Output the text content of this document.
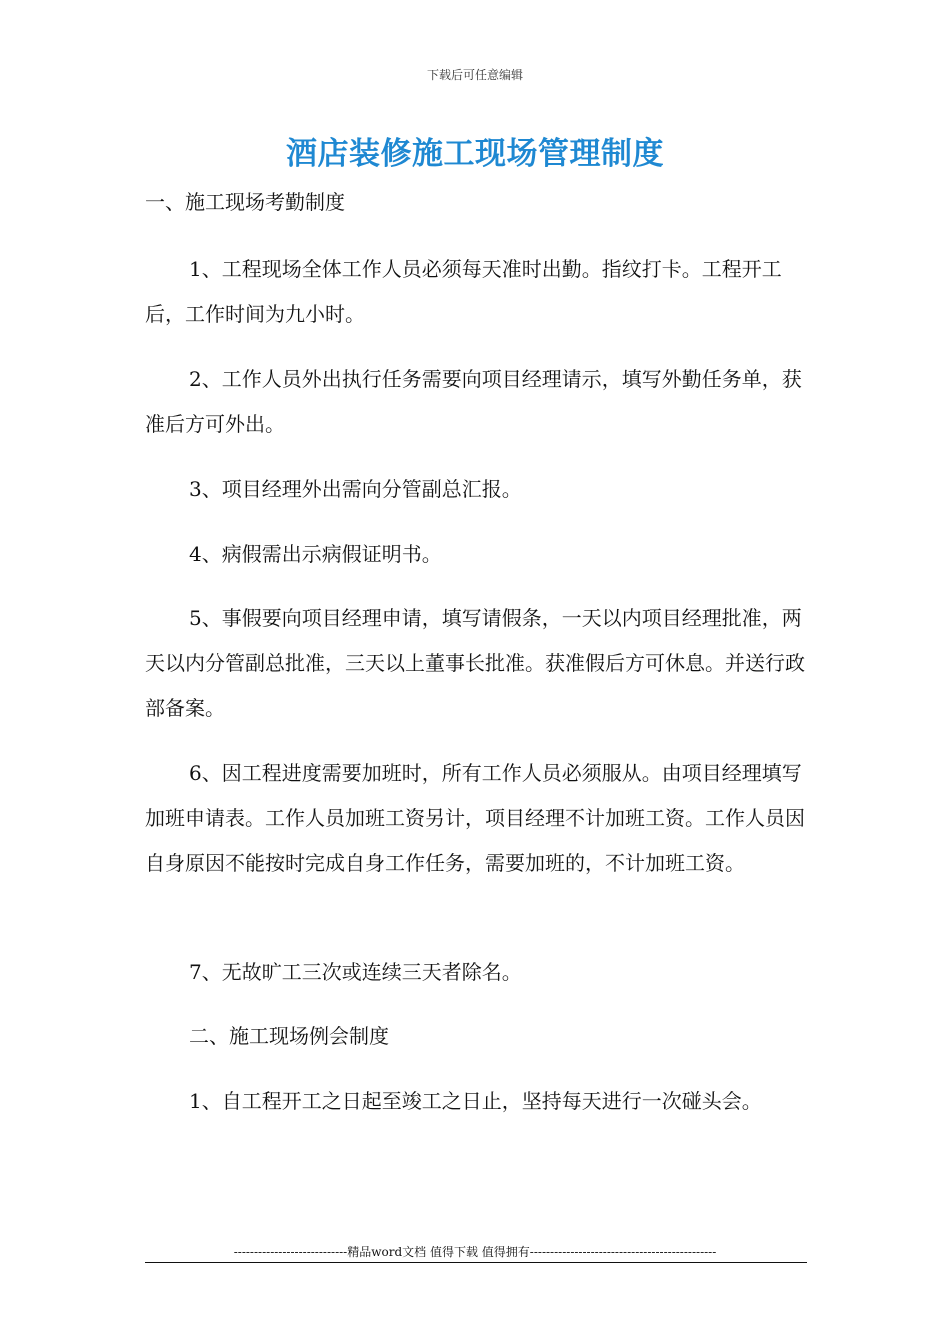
下载后可任意编辑
酒店装修施工现场管理制度

一、施工现场考勤制度

1、工程现场全体工作人员必须每天准时出勤。指纹打卡。工程开工后，工作时间为九小时。

2、工作人员外出执行任务需要向项目经理请示，填写外勤任务单，获准后方可外出。

3、项目经理外出需向分管副总汇报。

4、病假需出示病假证明书。

5、事假要向项目经理申请，填写请假条，一天以内项目经理批准，两天以内分管副总批准，三天以上董事长批准。获准假后方可休息。并送行政部备案。

6、因工程进度需要加班时，所有工作人员必须服从。由项目经理填写加班申请表。工作人员加班工资另计，项目经理不计加班工资。工作人员因自身原因不能按时完成自身工作任务，需要加班的，不计加班工资。

7、无故旷工三次或连续三天者除名。

二、施工现场例会制度

1、自工程开工之日起至竣工之日止，坚持每天进行一次碰头会。

----------------------------精品word文档 值得下载 值得拥有----------------------------------------------
